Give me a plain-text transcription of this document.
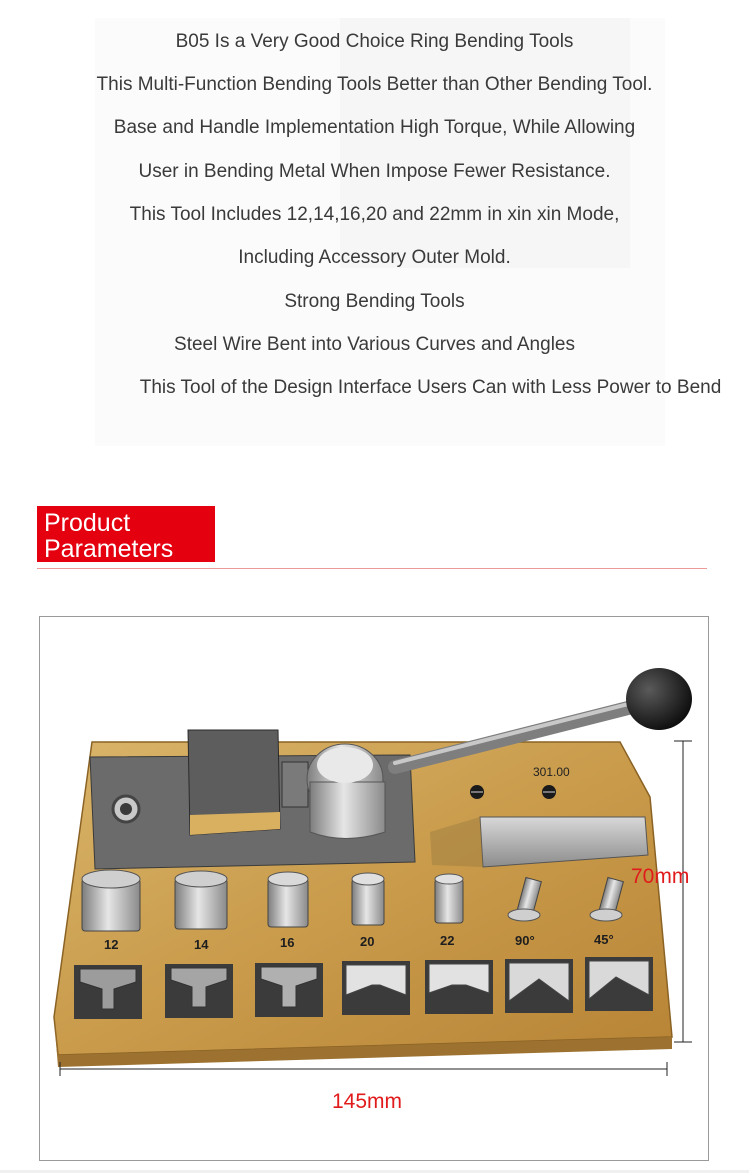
B05 Is a Very Good Choice Ring Bending Tools
This Multi-Function Bending Tools Better than Other Bending Tool.
Base and Handle Implementation High Torque, While Allowing
User in Bending Metal When Impose Fewer Resistance.
This Tool Includes 12,14,16,20 and 22mm in xin xin Mode,
Including Accessory Outer Mold.
Strong Bending Tools
Steel Wire Bent into Various Curves and Angles
This Tool of the Design Interface Users Can with Less Power to Bend
Product Parameters
301.00
12	14	16	20	22	90°	45°
70mm
145mm
